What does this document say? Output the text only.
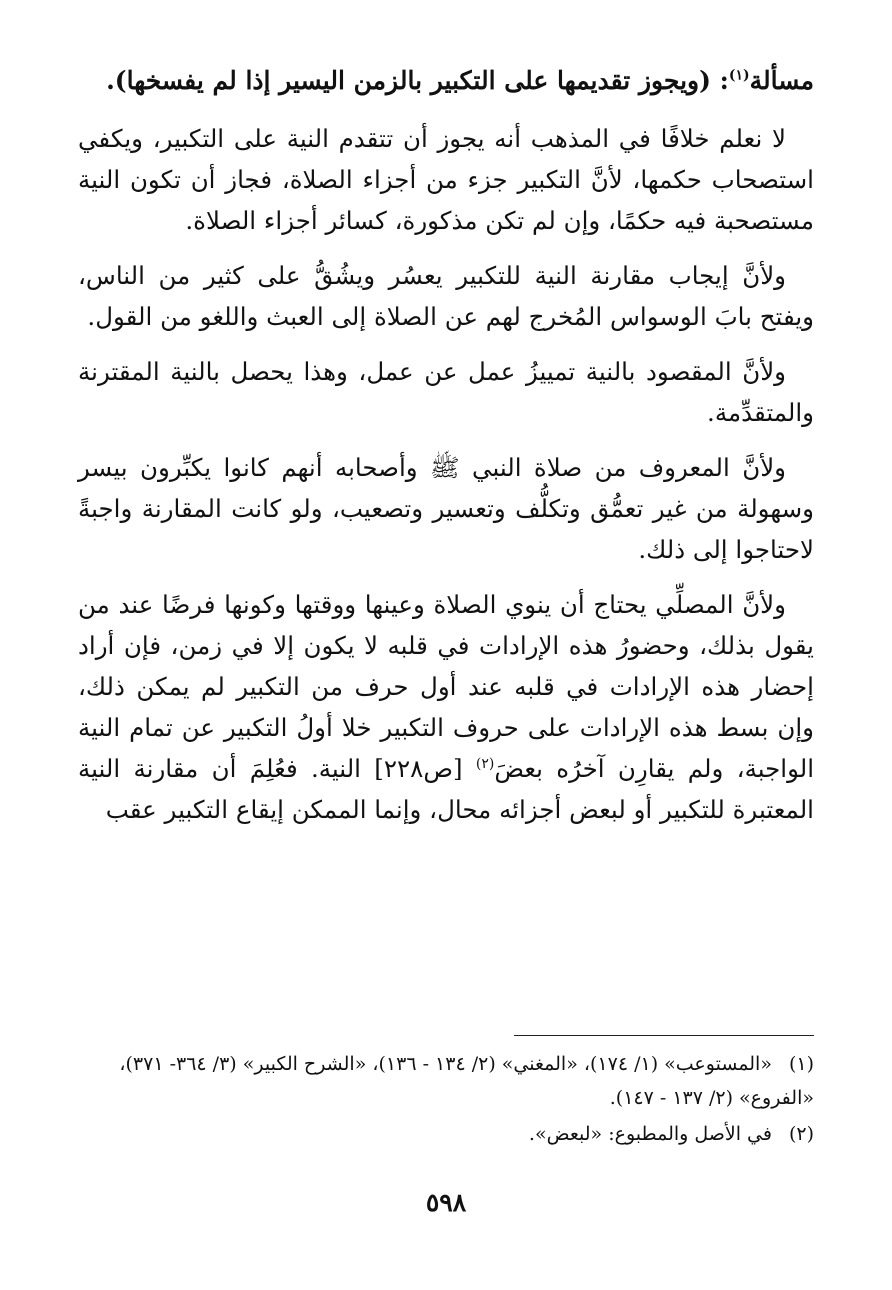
مسألة$^{(١)}$: (ويجوز تقديمها على التكبير بالزمن اليسير إذا لم يفسخها).

لا نعلم خلافًا في المذهب أنه يجوز أن تتقدم النية على التكبير، ويكفي استصحاب حكمها، لأنَّ التكبير جزء من أجزاء الصلاة، فجاز أن تكون النية مستصحبة فيه حكمًا، وإن لم تكن مذكورة، كسائر أجزاء الصلاة.

ولأنَّ إيجاب مقارنة النية للتكبير يعسُر ويشُقُّ على كثير من الناس، ويفتح بابَ الوسواس المُخرج لهم عن الصلاة إلى العبث واللغو من القول.

ولأنَّ المقصود بالنية تمييزُ عمل عن عمل، وهذا يحصل بالنية المقترنة والمتقدِّمة.

ولأنَّ المعروف من صلاة النبي ﷺ وأصحابه أنهم كانوا يكبِّرون بيسر وسهولة من غير تعمُّق وتكلُّف وتعسير وتصعيب، ولو كانت المقارنة واجبةً لاحتاجوا إلى ذلك.

ولأنَّ المصلِّي يحتاج أن ينوي الصلاة وعينها ووقتها وكونها فرضًا عند من يقول بذلك، وحضورُ هذه الإرادات في قلبه لا يكون إلا في زمن، فإن أراد إحضار هذه الإرادات في قلبه عند أول حرف من التكبير لم يمكن ذلك، وإن بسط هذه الإرادات على حروف التكبير خلا أولُ التكبير عن تمام النية الواجبة، ولم يقارِن آخرُه بعضَ$^{(٢)}$ [ص٢٢٨] النية. فعُلِمَ أن مقارنة النية المعتبرة للتكبير أو لبعض أجزائه محال، وإنما الممكن إيقاع التكبير عقب

(١) «المستوعب» (١/ ١٧٤)، «المغني» (٢/ ١٣٤ - ١٣٦)، «الشرح الكبير» (٣/ ٣٦٤- ٣٧١)، «الفروع» (٢/ ١٣٧ - ١٤٧).

(٢) في الأصل والمطبوع: «لبعض».

٥٩٨
